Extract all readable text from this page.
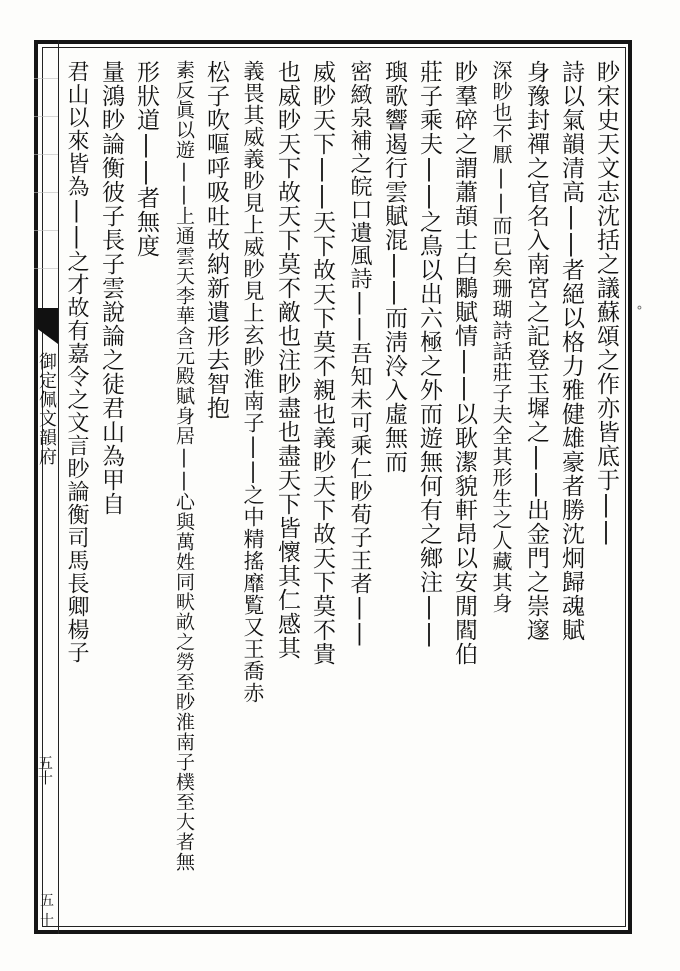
御定佩文韻府
五十
五十
∘
眇宋史天文志沈括之議蘇頌之作亦皆底于||
詩以氣韻清高||者絕以格力雅健雄豪者勝沈炯歸魂賦
身豫封禪之官名入南宮之記登玉墀之||出金門之崇邃
深眇也不厭||而已矣珊瑚詩話莊子夫全其形生之人藏其身
眇羣碎之謂蕭頡士白鷴賦情||以耿潔貌軒昂以安閒閻伯
莊子乘夫||之鳥以出六極之外而遊無何有之鄉注||
璵歌響遏行雲賦混||而淸泠入虛無而
密緻泉補之皖口遺風詩||吾知未可乘仁眇荀子王者||
威眇天下||天下故天下莫不親也義眇天下故天下莫不貴
也威眇天下故天下莫不敵也注眇盡也盡天下皆懷其仁感其
義畏其威義眇見上威眇見上玄眇淮南子||之中精搖靡覧又王喬赤
松子吹嘔呼吸吐故納新遺形去智抱
素反眞以遊||上通雲天李華含元殿賦身居||心與萬姓同畎畝之勞至眇淮南子樸至大者無
形狀道||者無度
量鴻眇論衡彼子長子雲說論之徒君山為甲自
君山以來皆為||之才故有嘉令之文言眇論衡司馬長卿楊子
